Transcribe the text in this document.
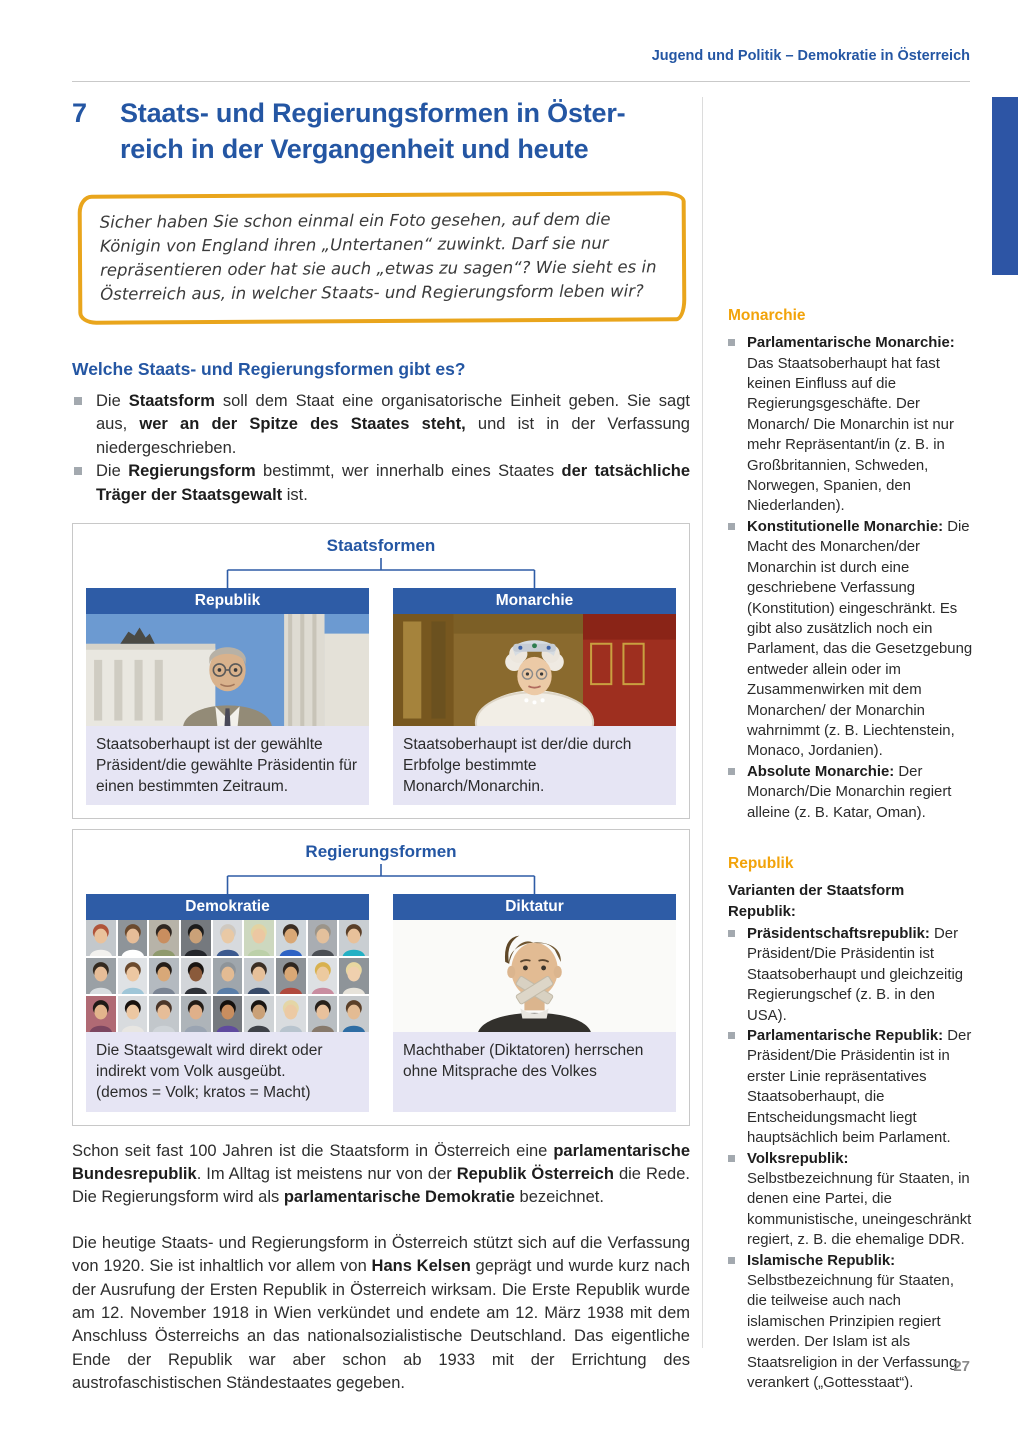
Jugend und Politik – Demokratie in Österreich
7	Staats- und Regierungsformen in Öster-
reich in der Vergangenheit und heute
Sicher haben Sie schon einmal ein Foto gesehen, auf dem die Königin von England ihren „Untertanen“ zuwinkt. Darf sie nur repräsentieren oder hat sie auch „etwas zu sagen“? Wie sieht es in Österreich aus, in welcher Staats- und Regierungsform leben wir?
Welche Staats- und Regierungsformen gibt es?
Die Staatsform soll dem Staat eine organisatorische Einheit geben. Sie sagt aus, wer an der Spitze des Staates steht, und ist in der Verfassung niedergeschrieben.
Die Regierungsform bestimmt, wer innerhalb eines Staates der tatsächliche Träger der Staatsgewalt ist.
Staatsformen
Republik
Staatsoberhaupt ist der gewählte Präsident/die gewählte Präsidentin für einen bestimmten Zeitraum.
Monarchie
Staatsoberhaupt ist der/die durch Erbfolge bestimmte Monarch/Monarchin.
Regierungsformen
Demokratie
Die Staatsgewalt wird direkt oder indirekt vom Volk ausgeübt.
(demos = Volk; kratos = Macht)
Diktatur
Machthaber (Diktatoren) herrschen ohne Mitsprache des Volkes

Schon seit fast 100 Jahren ist die Staatsform in Österreich eine parlamentarische Bundesrepublik. Im Alltag ist meistens nur von der Republik Österreich die Rede. Die Regierungsform wird als parlamentarische Demokratie bezeichnet.

Die heutige Staats- und Regierungsform in Österreich stützt sich auf die Verfassung von 1920. Sie ist inhaltlich vor allem von Hans Kelsen geprägt und wurde kurz nach der Ausrufung der Ersten Republik in Österreich wirksam. Die Erste Republik wurde am 12. November 1918 in Wien verkündet und endete am 12. März 1938 mit dem Anschluss Österreichs an das nationalsozialistische Deutschland. Das eigentliche Ende der Republik war aber schon ab 1933 mit der Errichtung des austrofaschistischen Ständestaates gegeben.

Monarchie
Parlamentarische Monarchie: Das Staatsoberhaupt hat fast keinen Einfluss auf die Regierungsgeschäfte. Der Monarch/ Die Monarchin ist nur mehr Repräsentant/in (z. B. in Großbritannien, Schweden, Norwegen, Spanien, den Niederlanden).
Konstitutionelle Monarchie: Die Macht des Monarchen/der Monarchin ist durch eine geschriebene Verfassung (Konstitution) eingeschränkt. Es gibt also zusätzlich noch ein Parlament, das die Gesetzgebung entweder allein oder im Zusammenwirken mit dem Monarchen/ der Monarchin wahrnimmt (z. B. Liechtenstein, Monaco, Jordanien).
Absolute Monarchie: Der Monarch/Die Monarchin regiert alleine (z. B. Katar, Oman).
Republik
Varianten der Staatsform Republik:
Präsidentschaftsrepublik: Der Präsident/Die Präsidentin ist Staatsoberhaupt und gleichzeitig Regierungschef (z. B. in den USA).
Parlamentarische Republik: Der Präsident/Die Präsidentin ist in erster Linie repräsentatives Staatsoberhaupt, die Entscheidungsmacht liegt hauptsächlich beim Parlament.
Volksrepublik: Selbstbezeichnung für Staaten, in denen eine Partei, die kommunistische, uneingeschränkt regiert, z. B. die ehemalige DDR.
Islamische Republik: Selbstbezeichnung für Staaten, die teilweise auch nach islamischen Prinzipien regiert werden. Der Islam ist als Staatsreligion in der Verfassung verankert („Gottesstaat“).
27
